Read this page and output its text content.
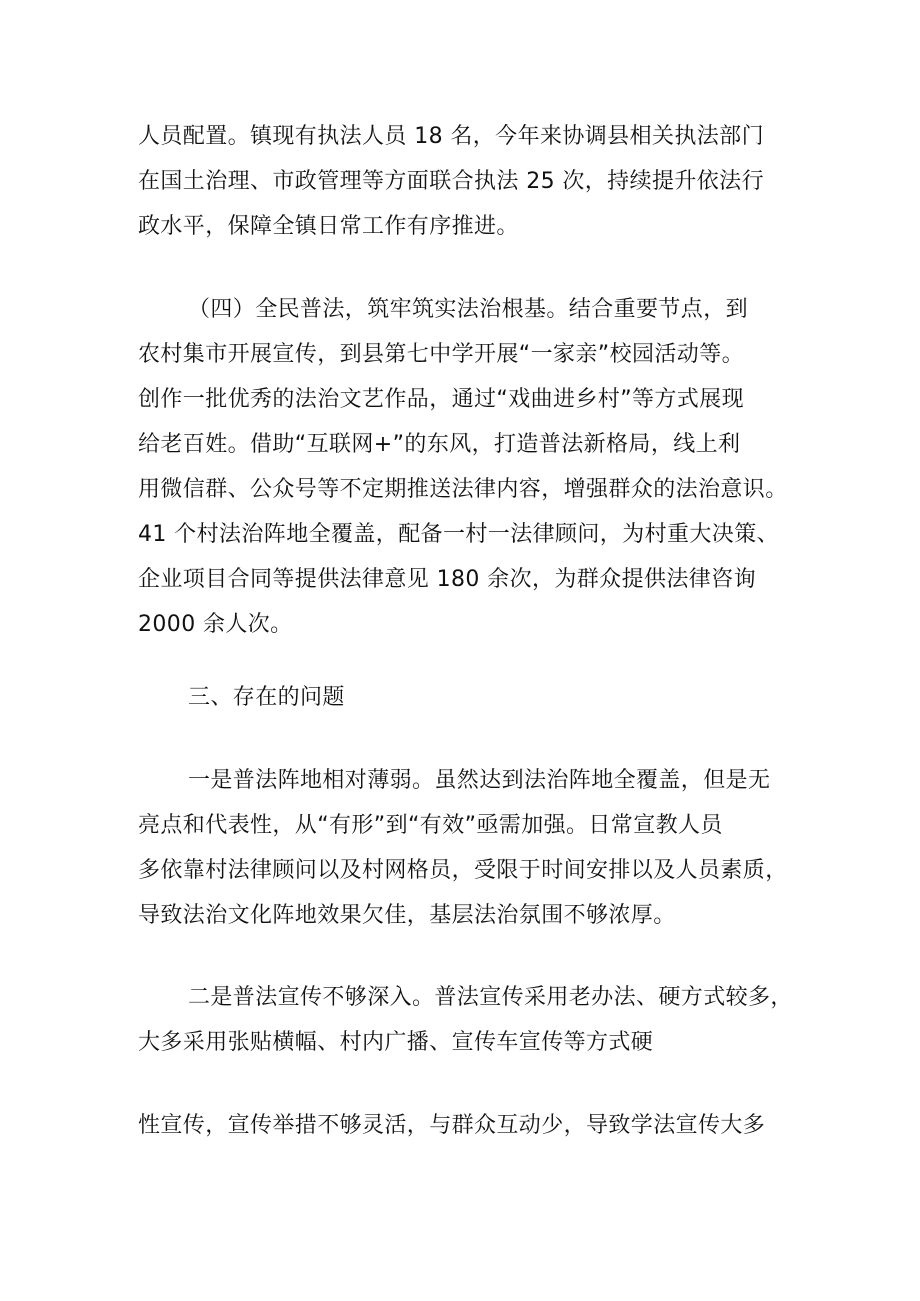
人员配置。镇现有执法人员 18 名，今年来协调县相关执法部门
在国土治理、市政管理等方面联合执法 25 次，持续提升依法行
政水平，保障全镇日常工作有序推进。
（四）全民普法，筑牢筑实法治根基。结合重要节点，到
农村集市开展宣传，到县第七中学开展“一家亲”校园活动等。
创作一批优秀的法治文艺作品，通过“戏曲进乡村”等方式展现
给老百姓。借助“互联网+”的东风，打造普法新格局，线上利
用微信群、公众号等不定期推送法律内容，增强群众的法治意识。
41 个村法治阵地全覆盖，配备一村一法律顾问，为村重大决策、
企业项目合同等提供法律意见 180 余次，为群众提供法律咨询
2000 余人次。
三、存在的问题
一是普法阵地相对薄弱。虽然达到法治阵地全覆盖，但是无
亮点和代表性，从“有形”到“有效”亟需加强。日常宣教人员
多依靠村法律顾问以及村网格员，受限于时间安排以及人员素质，
导致法治文化阵地效果欠佳，基层法治氛围不够浓厚。
二是普法宣传不够深入。普法宣传采用老办法、硬方式较多，
大多采用张贴横幅、村内广播、宣传车宣传等方式硬
性宣传，宣传举措不够灵活，与群众互动少，导致学法宣传大多
